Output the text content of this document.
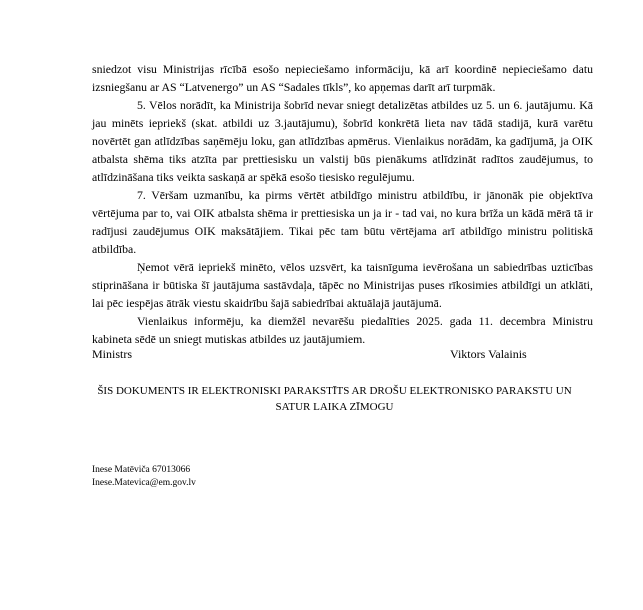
sniedzot visu Ministrijas rīcībā esošo nepieciešamo informāciju, kā arī koordinē nepieciešamo datu izsniegšanu ar AS “Latvenergo” un AS “Sadales tīkls”, ko apņemas darīt arī turpmāk.

5. Vēlos norādīt, ka Ministrija šobrīd nevar sniegt detalizētas atbildes uz 5. un 6. jautājumu. Kā jau minēts iepriekš (skat. atbildi uz 3.jautājumu), šobrīd konkrētā lieta nav tādā stadijā, kurā varētu novērtēt gan atlīdzības saņēmēju loku, gan atlīdzības apmērus. Vienlaikus norādām, ka gadījumā, ja OIK atbalsta shēma tiks atzīta par prettiesisku un valstij būs pienākums atlīdzināt radītos zaudējumus, to atlīdzināšana tiks veikta saskaņā ar spēkā esošo tiesisko regulējumu.

7. Vēršam uzmanību, ka pirms vērtēt atbildīgo ministru atbildību, ir jānonāk pie objektīva vērtējuma par to, vai OIK atbalsta shēma ir prettiesiska un ja ir - tad vai, no kura brīža un kādā mērā tā ir radījusi zaudējumus OIK maksātājiem. Tikai pēc tam būtu vērtējama arī atbildīgo ministru politiskā atbildība.

Ņemot vērā iepriekš minēto, vēlos uzsvērt, ka taisnīguma ievērošana un sabiedrības uzticības stiprināšana ir būtiska šī jautājuma sastāvdaļa, tāpēc no Ministrijas puses rīkosimies atbildīgi un atklāti, lai pēc iespējas ātrāk viestu skaidrību šajā sabiedrībai aktuālajā jautājumā.

Vienlaikus informēju, ka diemžēl nevarēšu piedalīties 2025. gada 11. decembra Ministru kabineta sēdē un sniegt mutiskas atbildes uz jautājumiem.

Ministrs	Viktors Valainis
ŠIS DOKUMENTS IR ELEKTRONISKI PARAKSTĪTS AR DROŠU ELEKTRONISKO PARAKSTU UN SATUR LAIKA ZĪMOGU
Inese Matēviča 67013066
Inese.Matevica@em.gov.lv
